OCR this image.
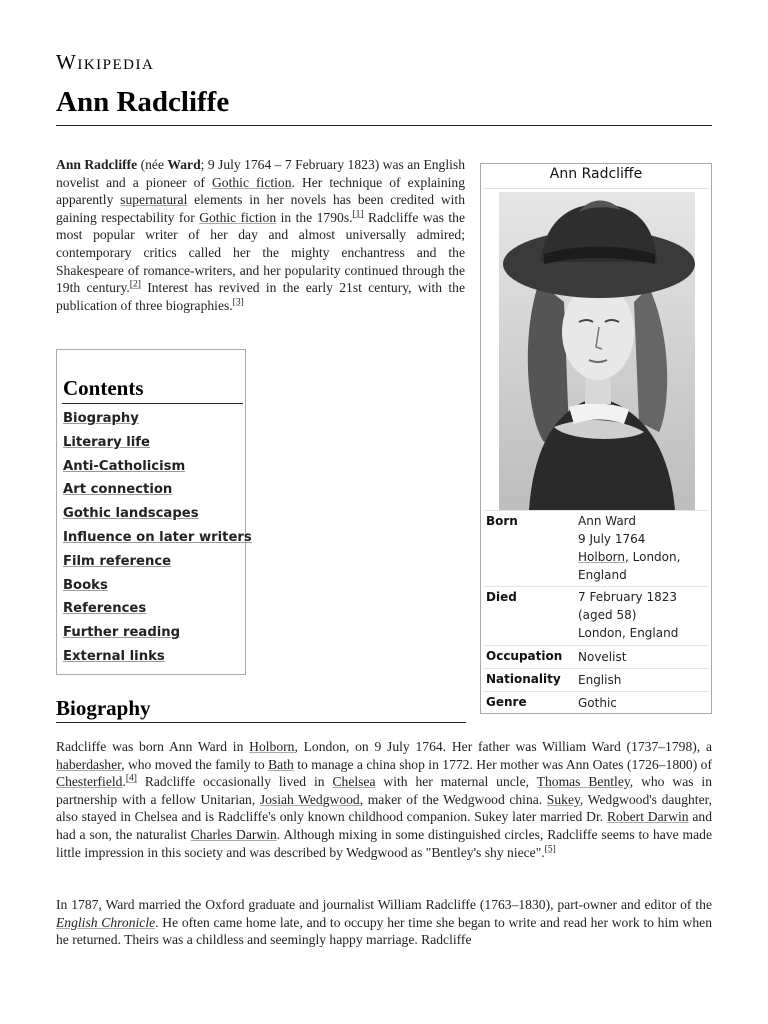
Wikipedia
Ann Radcliffe

Ann Radcliffe (née Ward; 9 July 1764 – 7 February 1823) was an English novelist and a pioneer of Gothic fiction. Her technique of explaining apparently supernatural elements in her novels has been credited with gaining respectability for Gothic fiction in the 1790s.[1] Radcliffe was the most popular writer of her day and almost universally admired; contemporary critics called her the mighty enchantress and the Shakespeare of romance-writers, and her popularity continued through the 19th century.[2] Interest has revived in the early 21st century, with the publication of three biographies.[3]

Contents
Biography
Literary life
Anti-Catholicism
Art connection
Gothic landscapes
Influence on later writers
Film reference
Books
References
Further reading
External links
Biography

Radcliffe was born Ann Ward in Holborn, London, on 9 July 1764. Her father was William Ward (1737–1798), a haberdasher, who moved the family to Bath to manage a china shop in 1772. Her mother was Ann Oates (1726–1800) of Chesterfield.[4] Radcliffe occasionally lived in Chelsea with her maternal uncle, Thomas Bentley, who was in partnership with a fellow Unitarian, Josiah Wedgwood, maker of the Wedgwood china. Sukey, Wedgwood's daughter, also stayed in Chelsea and is Radcliffe's only known childhood companion. Sukey later married Dr. Robert Darwin and had a son, the naturalist Charles Darwin. Although mixing in some distinguished circles, Radcliffe seems to have made little impression in this society and was described by Wedgwood as "Bentley's shy niece".[5]

In 1787, Ward married the Oxford graduate and journalist William Radcliffe (1763–1830), part-owner and editor of the English Chronicle. He often came home late, and to occupy her time she began to write and read her work to him when he returned. Theirs was a childless and seemingly happy marriage. Radcliffe

Ann Radcliffe
Born	Ann Ward
9 July 1764
Holborn, London,
England
Died	7 February 1823
(aged 58)
London, England
Occupation Novelist
Nationality English
Genre	Gothic
